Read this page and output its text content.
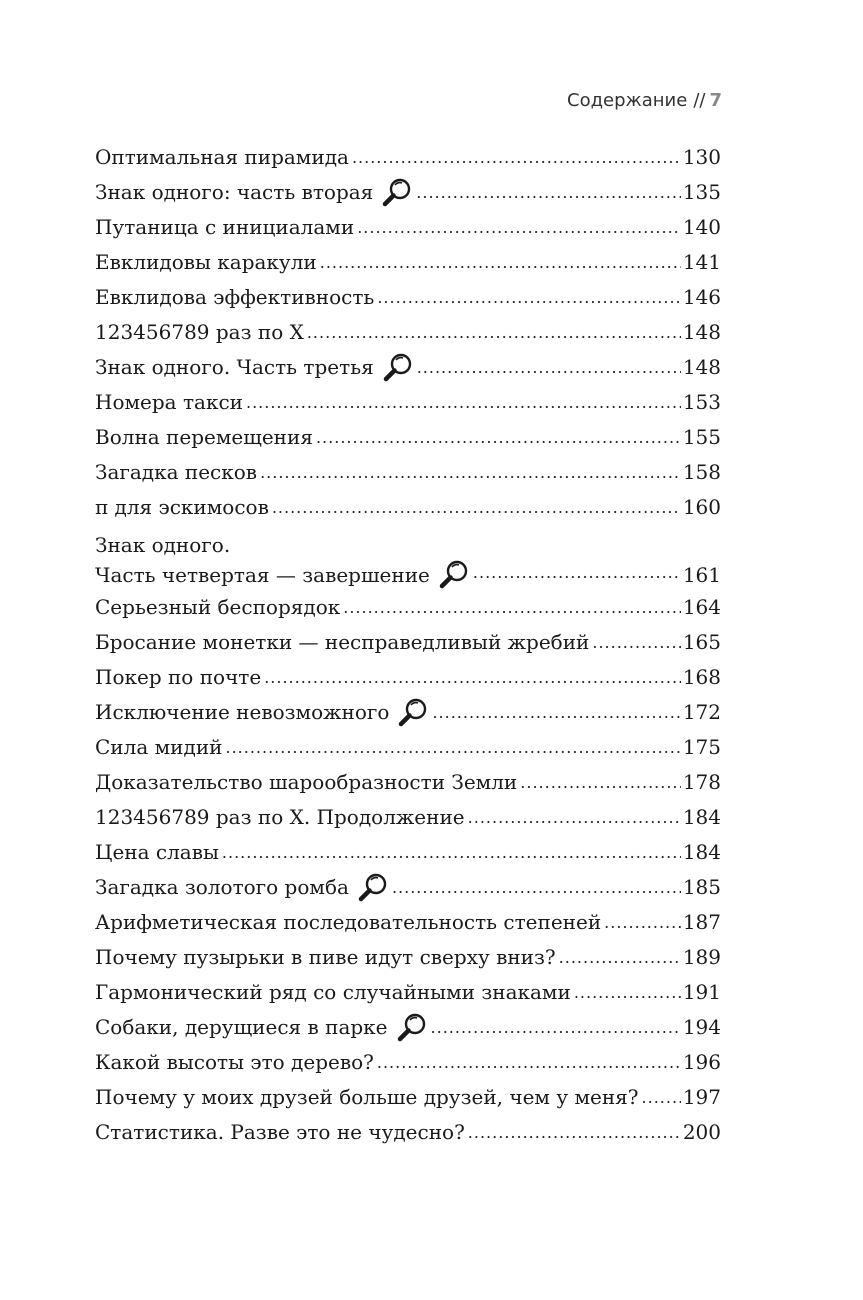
Содержание // 7
Оптимальная пирамида .....	130
Знак одного: часть вторая .....	135
Путаница с инициалами .....	140
Евклидовы каракули .....	141
Евклидова эффективность .....	146
123456789 раз по X .....	148
Знак одного. Часть третья .....	148
Номера такси .....	153
Волна перемещения .....	155
Загадка песков .....	158
π для эскимосов .....	160
Знак одного.
Часть четвертая — завершение .....	161
Серьезный беспорядок .....	164
Бросание монетки — несправедливый жребий .....	165
Покер по почте .....	168
Исключение невозможного .....	172
Сила мидий .....	175
Доказательство шарообразности Земли .....	178
123456789 раз по X. Продолжение .....	184
Цена славы .....	184
Загадка золотого ромба .....	185
Арифметическая последовательность степеней .....	187
Почему пузырьки в пиве идут сверху вниз? .....	189
Гармонический ряд со случайными знаками .....	191
Собаки, дерущиеся в парке .....	194
Какой высоты это дерево? .....	196
Почему у моих друзей больше друзей, чем у меня? ..... 197
Статистика. Разве это не чудесно? .....	200
